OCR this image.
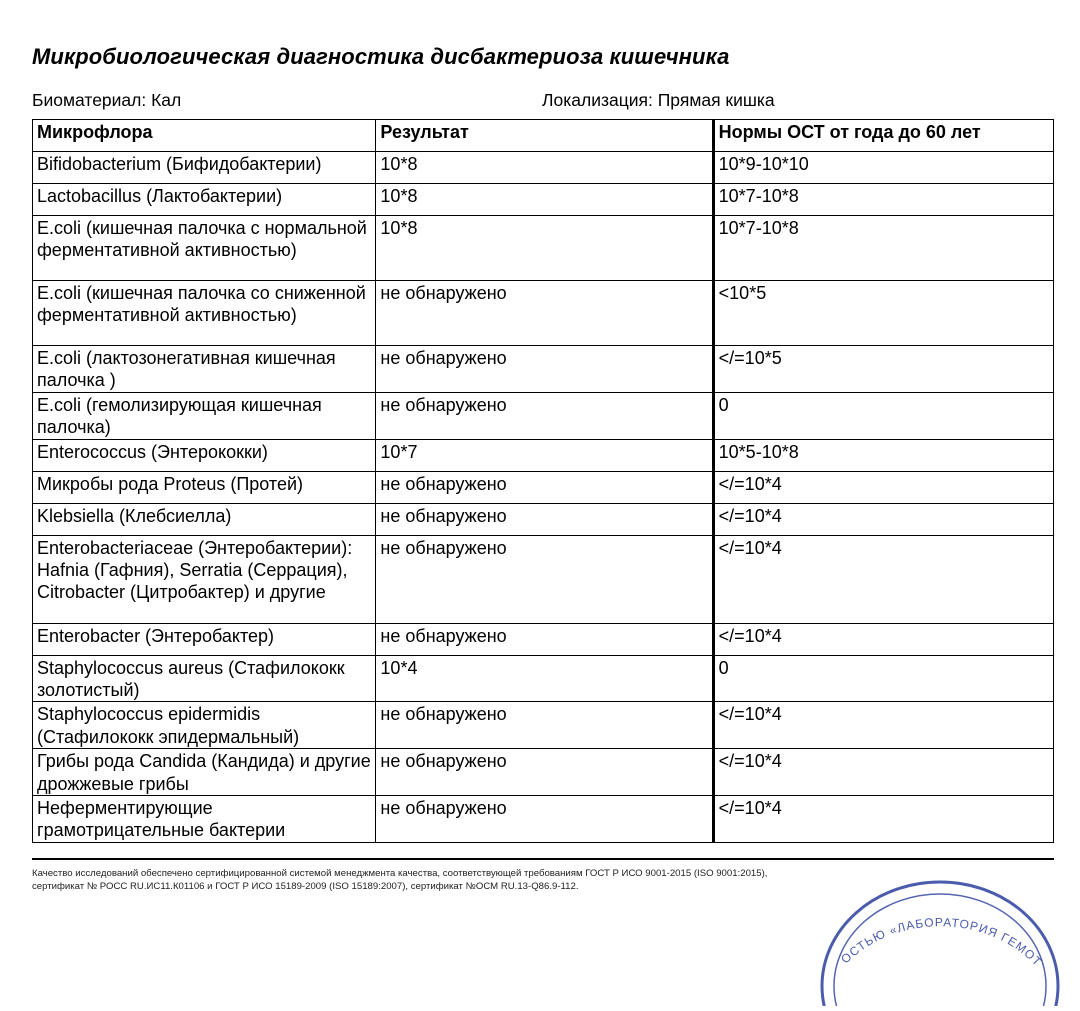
Микробиологическая диагностика дисбактериоза кишечника
Биоматериал: Кал	Локализация: Прямая кишка
Микрофлора	Результат	Нормы ОСТ от года до 60 лет
Bifidobacterium (Бифидобактерии)	10*8	10*9-10*10
Lactobacillus (Лактобактерии)	10*8	10*7-10*8
E.coli (кишечная палочка с нормальной ферментативной активностью)	10*8	10*7-10*8
E.coli (кишечная палочка со сниженной ферментативной активностью)	не обнаружено	<10*5
E.coli (лактозонегативная кишечная палочка )	не обнаружено	</=10*5
E.coli (гемолизирующая кишечная палочка)	не обнаружено	0
Enterococcus (Энтерококки)	10*7	10*5-10*8
Микробы рода Proteus (Протей)	не обнаружено	</=10*4
Klebsiella (Клебсиелла)	не обнаружено	</=10*4
Enterobacteriaceae (Энтеробактерии): Hafnia (Гафния), Serratia (Серрация), Citrobacter (Цитробактер) и другие	не обнаружено	</=10*4
Enterobacter (Энтеробактер)	не обнаружено	</=10*4
Staphylococcus aureus (Стафилококк золотистый)	10*4	0
Staphylococcus epidermidis (Стафилококк эпидермальный)	не обнаружено	</=10*4
Грибы рода Candida (Кандида) и другие дрожжевые грибы	не обнаружено	</=10*4
Неферментирующие грамотрицательные бактерии	не обнаружено	</=10*4
Качество исследований обеспечено сертифицированной системой менеджмента качества, соответствующей требованиям ГОСТ Р ИСО 9001-2015 (ISO 9001:2015), сертификат № РОСС RU.ИС11.К01106 и ГОСТ Р ИСО 15189-2009 (ISO 15189:2007), сертификат №ОСМ RU.13-Q86.9-112.
ОСТЬЮ «ЛАБОРАТОРИЯ ГЕМОТ
